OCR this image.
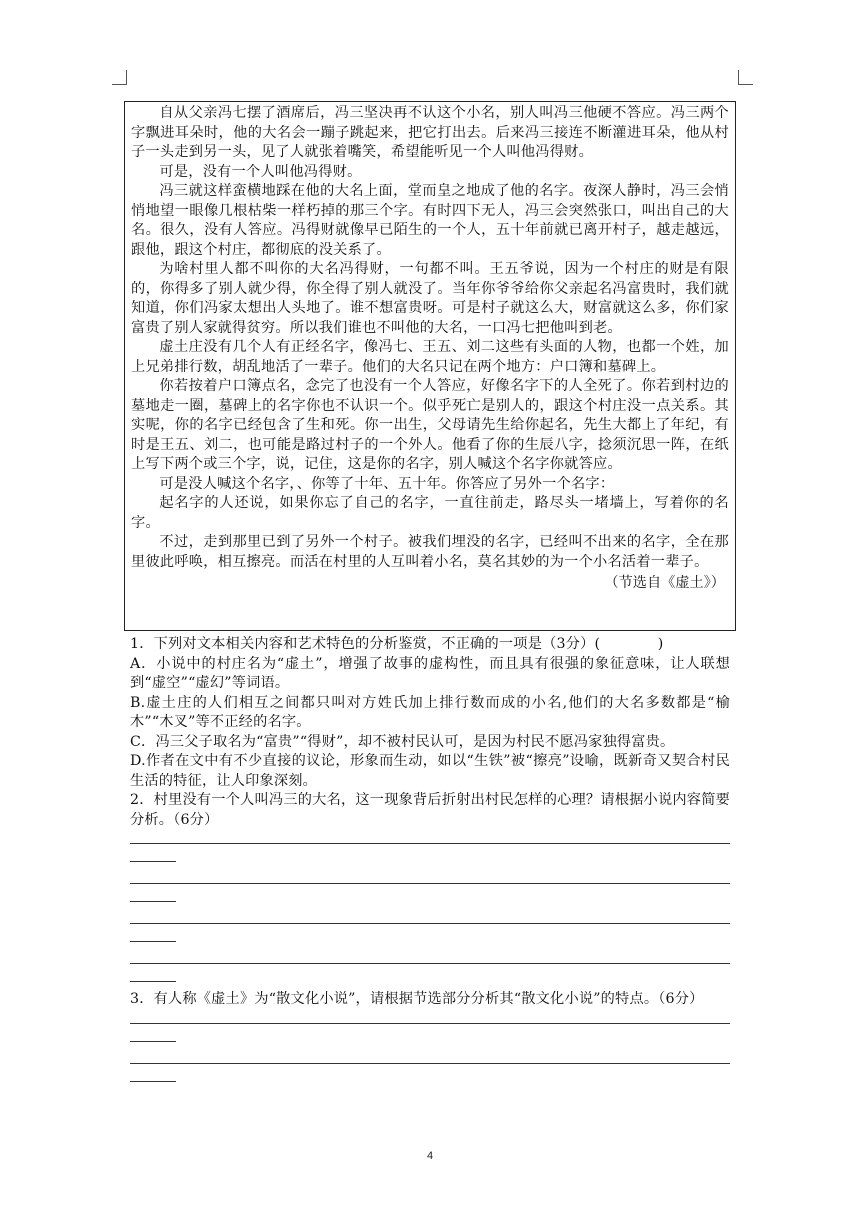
自从父亲冯七摆了酒席后，冯三坚决再不认这个小名，别人叫冯三他硬不答应。冯三两个字飘进耳朵时，他的大名会一蹦子跳起来，把它打出去。后来冯三接连不断灌进耳朵，他从村子一头走到另一头，见了人就张着嘴笑，希望能听见一个人叫他冯得财。

可是，没有一个人叫他冯得财。

冯三就这样蛮横地踩在他的大名上面，堂而皇之地成了他的名字。夜深人静时，冯三会悄悄地望一眼像几根枯柴一样朽掉的那三个字。有时四下无人，冯三会突然张口，叫出自己的大名。很久，没有人答应。冯得财就像早已陌生的一个人，五十年前就已离开村子，越走越远，跟他，跟这个村庄，都彻底的没关系了。

为啥村里人都不叫你的大名冯得财，一句都不叫。王五爷说，因为一个村庄的财是有限的，你得多了别人就少得，你全得了别人就没了。当年你爷爷给你父亲起名冯富贵时，我们就知道，你们冯家太想出人头地了。谁不想富贵呀。可是村子就这么大，财富就这么多，你们家富贵了别人家就得贫穷。所以我们谁也不叫他的大名，一口冯七把他叫到老。

虚土庄没有几个人有正经名字，像冯七、王五、刘二这些有头面的人物，也都一个姓，加上兄弟排行数，胡乱地活了一辈子。他们的大名只记在两个地方：户口簿和墓碑上。

你若按着户口簿点名，念完了也没有一个人答应，好像名字下的人全死了。你若到村边的墓地走一圈，墓碑上的名字你也不认识一个。似乎死亡是别人的，跟这个村庄没一点关系。其实呢，你的名字已经包含了生和死。你一出生，父母请先生给你起名，先生大都上了年纪，有时是王五、刘二，也可能是路过村子的一个外人。他看了你的生辰八字，捻须沉思一阵，在纸上写下两个或三个字，说，记住，这是你的名字，别人喊这个名字你就答应。

可是没人喊这个名字，、你等了十年、五十年。你答应了另外一个名字：

起名字的人还说，如果你忘了自己的名字，一直往前走，路尽头一堵墙上，写着你的名字。

不过，走到那里已到了另外一个村子。被我们埋没的名字，已经叫不出来的名字，全在那里彼此呼唤，相互擦亮。而活在村里的人互叫着小名，莫名其妙的为一个小名活着一辈子。

（节选自《虚土》）

1．下列对文本相关内容和艺术特色的分析鉴赏，不正确的一项是（3分）(　　　　)

A．小说中的村庄名为“虚土”，增强了故事的虚构性，而且具有很强的象征意味，让人联想到“虚空”“虚幻”等词语。

B.虚土庄的人们相互之间都只叫对方姓氏加上排行数而成的小名,他们的大名多数都是“榆木”“木叉”等不正经的名字。

C．冯三父子取名为“富贵”“得财”，却不被村民认可，是因为村民不愿冯家独得富贵。

D.作者在文中有不少直接的议论，形象而生动，如以“生铁”被“擦亮”设喻，既新奇又契合村民生活的特征，让人印象深刻。

2．村里没有一个人叫冯三的大名，这一现象背后折射出村民怎样的心理？请根据小说内容简要分析。（6分）

3．有人称《虚土》为“散文化小说”，请根据节选部分分析其“散文化小说”的特点。（6分）

4
